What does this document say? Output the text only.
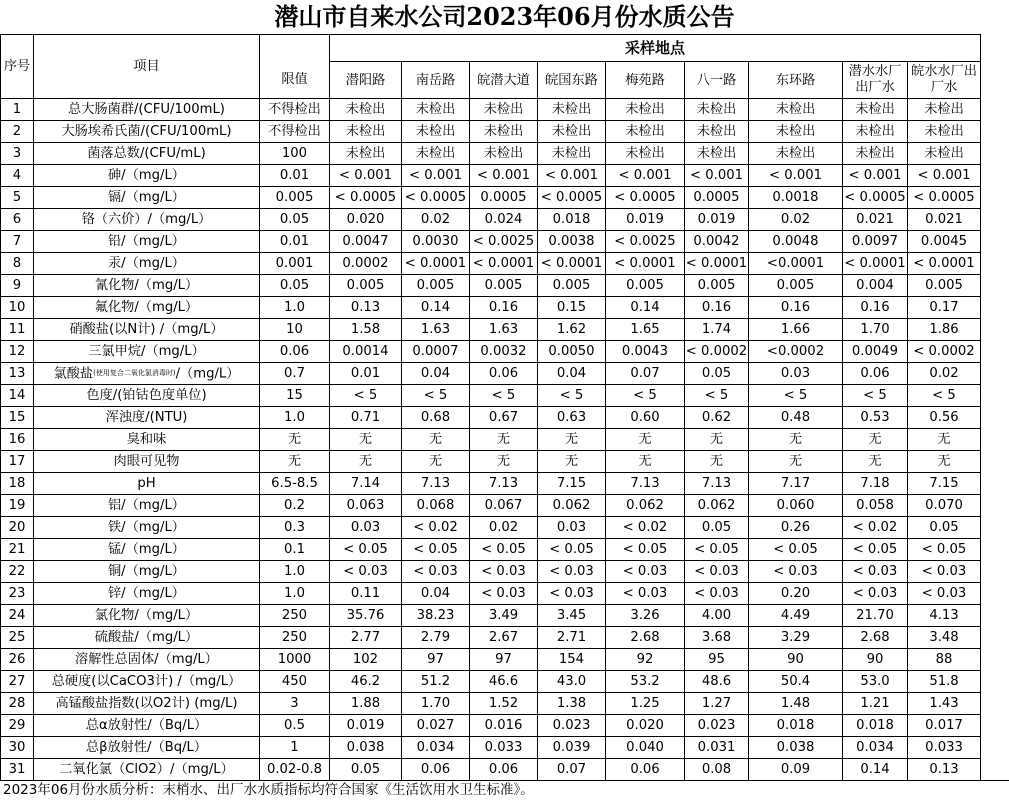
潜山市自来水公司2023年06月份水质公告
序号	项目		采样地点								
		限值	潜阳路	南岳路	皖潜大道	皖国东路	梅苑路	八一路	东环路	潜水水厂出厂水	皖水水厂出厂水
1	总大肠菌群/(CFU/100mL)	不得检出	未检出	未检出	未检出	未检出	未检出	未检出	未检出	未检出	未检出
2	大肠埃希氏菌/(CFU/100mL)	不得检出	未检出	未检出	未检出	未检出	未检出	未检出	未检出	未检出	未检出
3	菌落总数/(CFU/mL)	100	未检出	未检出	未检出	未检出	未检出	未检出	未检出	未检出	未检出
4	砷/（mg/L）	0.01	< 0.001	< 0.001	< 0.001	< 0.001	< 0.001	< 0.001	< 0.001	< 0.001	< 0.001
5	镉/（mg/L）	0.005	< 0.0005	< 0.0005	0.0005	< 0.0005	< 0.0005	0.0005	0.0018	< 0.0005	< 0.0005
6	铬（六价）/（mg/L）	0.05	0.020	0.02	0.024	0.018	0.019	0.019	0.02	0.021	0.021
7	铅/（mg/L）	0.01	0.0047	0.0030	< 0.0025	0.0038	< 0.0025	0.0042	0.0048	0.0097	0.0045
8	汞/（mg/L）	0.001	0.0002	< 0.0001	< 0.0001	< 0.0001	< 0.0001	< 0.0001	<0.0001	< 0.0001	< 0.0001
9	氰化物/（mg/L）	0.05	0.005	0.005	0.005	0.005	0.005	0.005	0.005	0.004	0.005
10	氟化物/（mg/L）	1.0	0.13	0.14	0.16	0.15	0.14	0.16	0.16	0.16	0.17
11	硝酸盐(以N计) /（mg/L）	10	1.58	1.63	1.63	1.62	1.65	1.74	1.66	1.70	1.86
12	三氯甲烷/（mg/L）	0.06	0.0014	0.0007	0.0032	0.0050	0.0043	< 0.0002	<0.0002	0.0049	< 0.0002
13	氯酸盐(使用复合二氧化氯消毒时)/（mg/L）	0.7	0.01	0.04	0.06	0.04	0.07	0.05	0.03	0.06	0.02
14	色度/(铂钴色度单位)	15	< 5	< 5	< 5	< 5	< 5	< 5	< 5	< 5	< 5
15	浑浊度/(NTU)	1.0	0.71	0.68	0.67	0.63	0.60	0.62	0.48	0.53	0.56
16	臭和味	无	无	无	无	无	无	无	无	无	无
17	肉眼可见物	无	无	无	无	无	无	无	无	无	无
18	pH	6.5-8.5	7.14	7.13	7.13	7.15	7.13	7.13	7.17	7.18	7.15
19	铝/（mg/L）	0.2	0.063	0.068	0.067	0.062	0.062	0.062	0.060	0.058	0.070
20	铁/（mg/L）	0.3	0.03	< 0.02	0.02	0.03	< 0.02	0.05	0.26	< 0.02	0.05
21	锰/（mg/L）	0.1	< 0.05	< 0.05	< 0.05	< 0.05	< 0.05	< 0.05	< 0.05	< 0.05	< 0.05
22	铜/（mg/L）	1.0	< 0.03	< 0.03	< 0.03	< 0.03	< 0.03	< 0.03	< 0.03	< 0.03	< 0.03
23	锌/（mg/L）	1.0	0.11	0.04	< 0.03	< 0.03	< 0.03	< 0.03	0.20	< 0.03	< 0.03
24	氯化物/（mg/L）	250	35.76	38.23	3.49	3.45	3.26	4.00	4.49	21.70	4.13
25	硫酸盐/（mg/L）	250	2.77	2.79	2.67	2.71	2.68	3.68	3.29	2.68	3.48
26	溶解性总固体/（mg/L）	1000	102	97	97	154	92	95	90	90	88
27	总硬度(以CaCO3计) /（mg/L）	450	46.2	51.2	46.6	43.0	53.2	48.6	50.4	53.0	51.8
28	高锰酸盐指数(以O2计) (mg/L)	3	1.88	1.70	1.52	1.38	1.25	1.27	1.48	1.21	1.43
29	总α放射性/（Bq/L）	0.5	0.019	0.027	0.016	0.023	0.020	0.023	0.018	0.018	0.017
30	总β放射性/（Bq/L）	1	0.038	0.034	0.033	0.039	0.040	0.031	0.038	0.034	0.033
31	二氧化氯（ClO2）/（mg/L）	0.02-0.8	0.05	0.06	0.06	0.07	0.06	0.08	0.09	0.14	0.13
2023年06月份水质分析：末梢水、出厂水水质指标均符合国家《生活饮用水卫生标准》。
